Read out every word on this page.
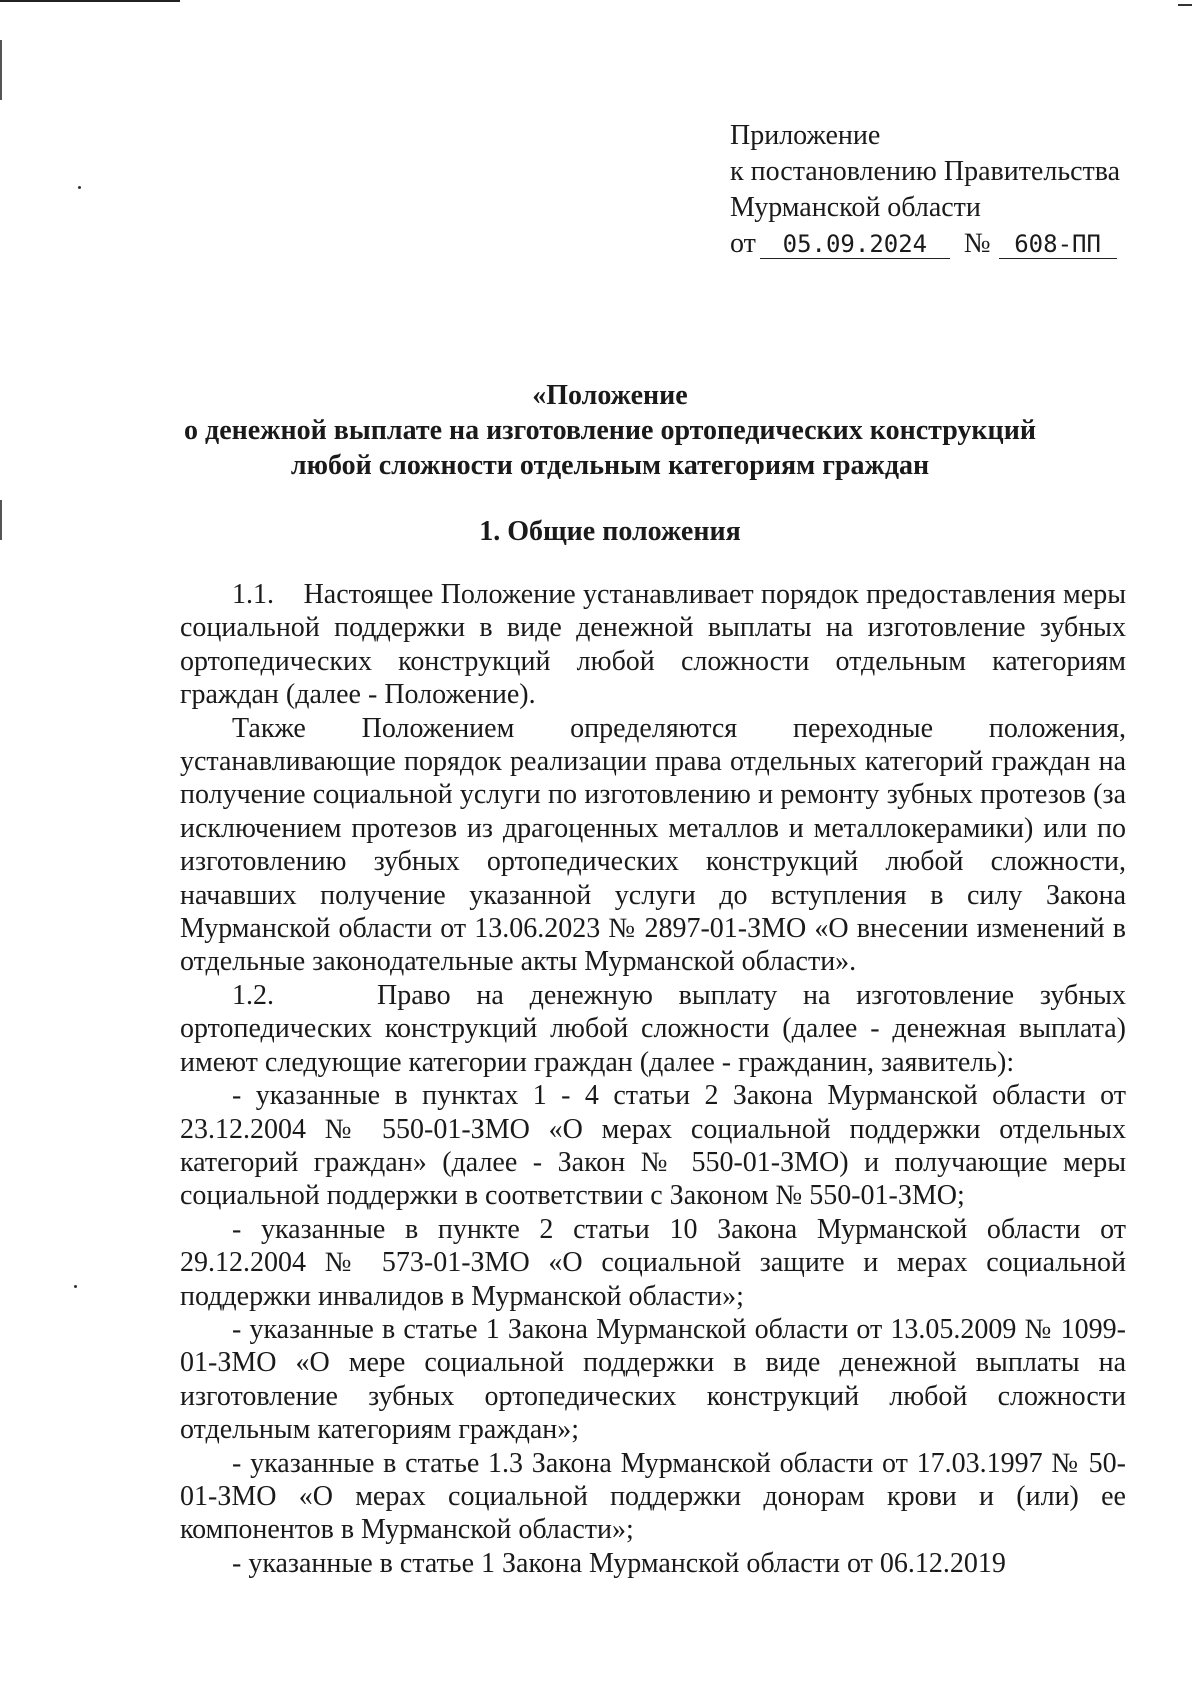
Приложение
к постановлению Правительства
Мурманской области
от 05.09.2024 № 608-ПП
«Положение
о денежной выплате на изготовление ортопедических конструкций
любой сложности отдельным категориям граждан
1. Общие положения

1.1.    Настоящее Положение устанавливает порядок предоставления меры социальной поддержки в виде денежной выплаты на изготовление зубных ортопедических конструкций любой сложности отдельным категориям граждан (далее - Положение).

Также Положением определяются переходные положения, устанавливающие порядок реализации права отдельных категорий граждан на получение социальной услуги по изготовлению и ремонту зубных протезов (за исключением протезов из драгоценных металлов и металлокерамики) или по изготовлению зубных ортопедических конструкций любой сложности, начавших получение указанной услуги до вступления в силу Закона Мурманской области от 13.06.2023 № 2897-01-ЗМО «О внесении изменений в отдельные законодательные акты Мурманской области».

1.2.    Право на денежную выплату на изготовление зубных ортопедических конструкций любой сложности (далее - денежная выплата) имеют следующие категории граждан (далее - гражданин, заявитель):

- указанные в пунктах 1 - 4 статьи 2 Закона Мурманской области от 23.12.2004 № 550-01-ЗМО «О мерах социальной поддержки отдельных категорий граждан» (далее - Закон № 550-01-ЗМО) и получающие меры социальной поддержки в соответствии с Законом № 550-01-ЗМО;

- указанные в пункте 2 статьи 10 Закона Мурманской области от 29.12.2004 № 573-01-ЗМО «О социальной защите и мерах социальной поддержки инвалидов в Мурманской области»;

- указанные в статье 1 Закона Мурманской области от 13.05.2009 № 1099-01-ЗМО «О мере социальной поддержки в виде денежной выплаты на изготовление зубных ортопедических конструкций любой сложности отдельным категориям граждан»;

- указанные в статье 1.3 Закона Мурманской области от 17.03.1997 № 50-01-ЗМО «О мерах социальной поддержки донорам крови и (или) ее компонентов в Мурманской области»;

- указанные в статье 1 Закона Мурманской области от 06.12.2019
